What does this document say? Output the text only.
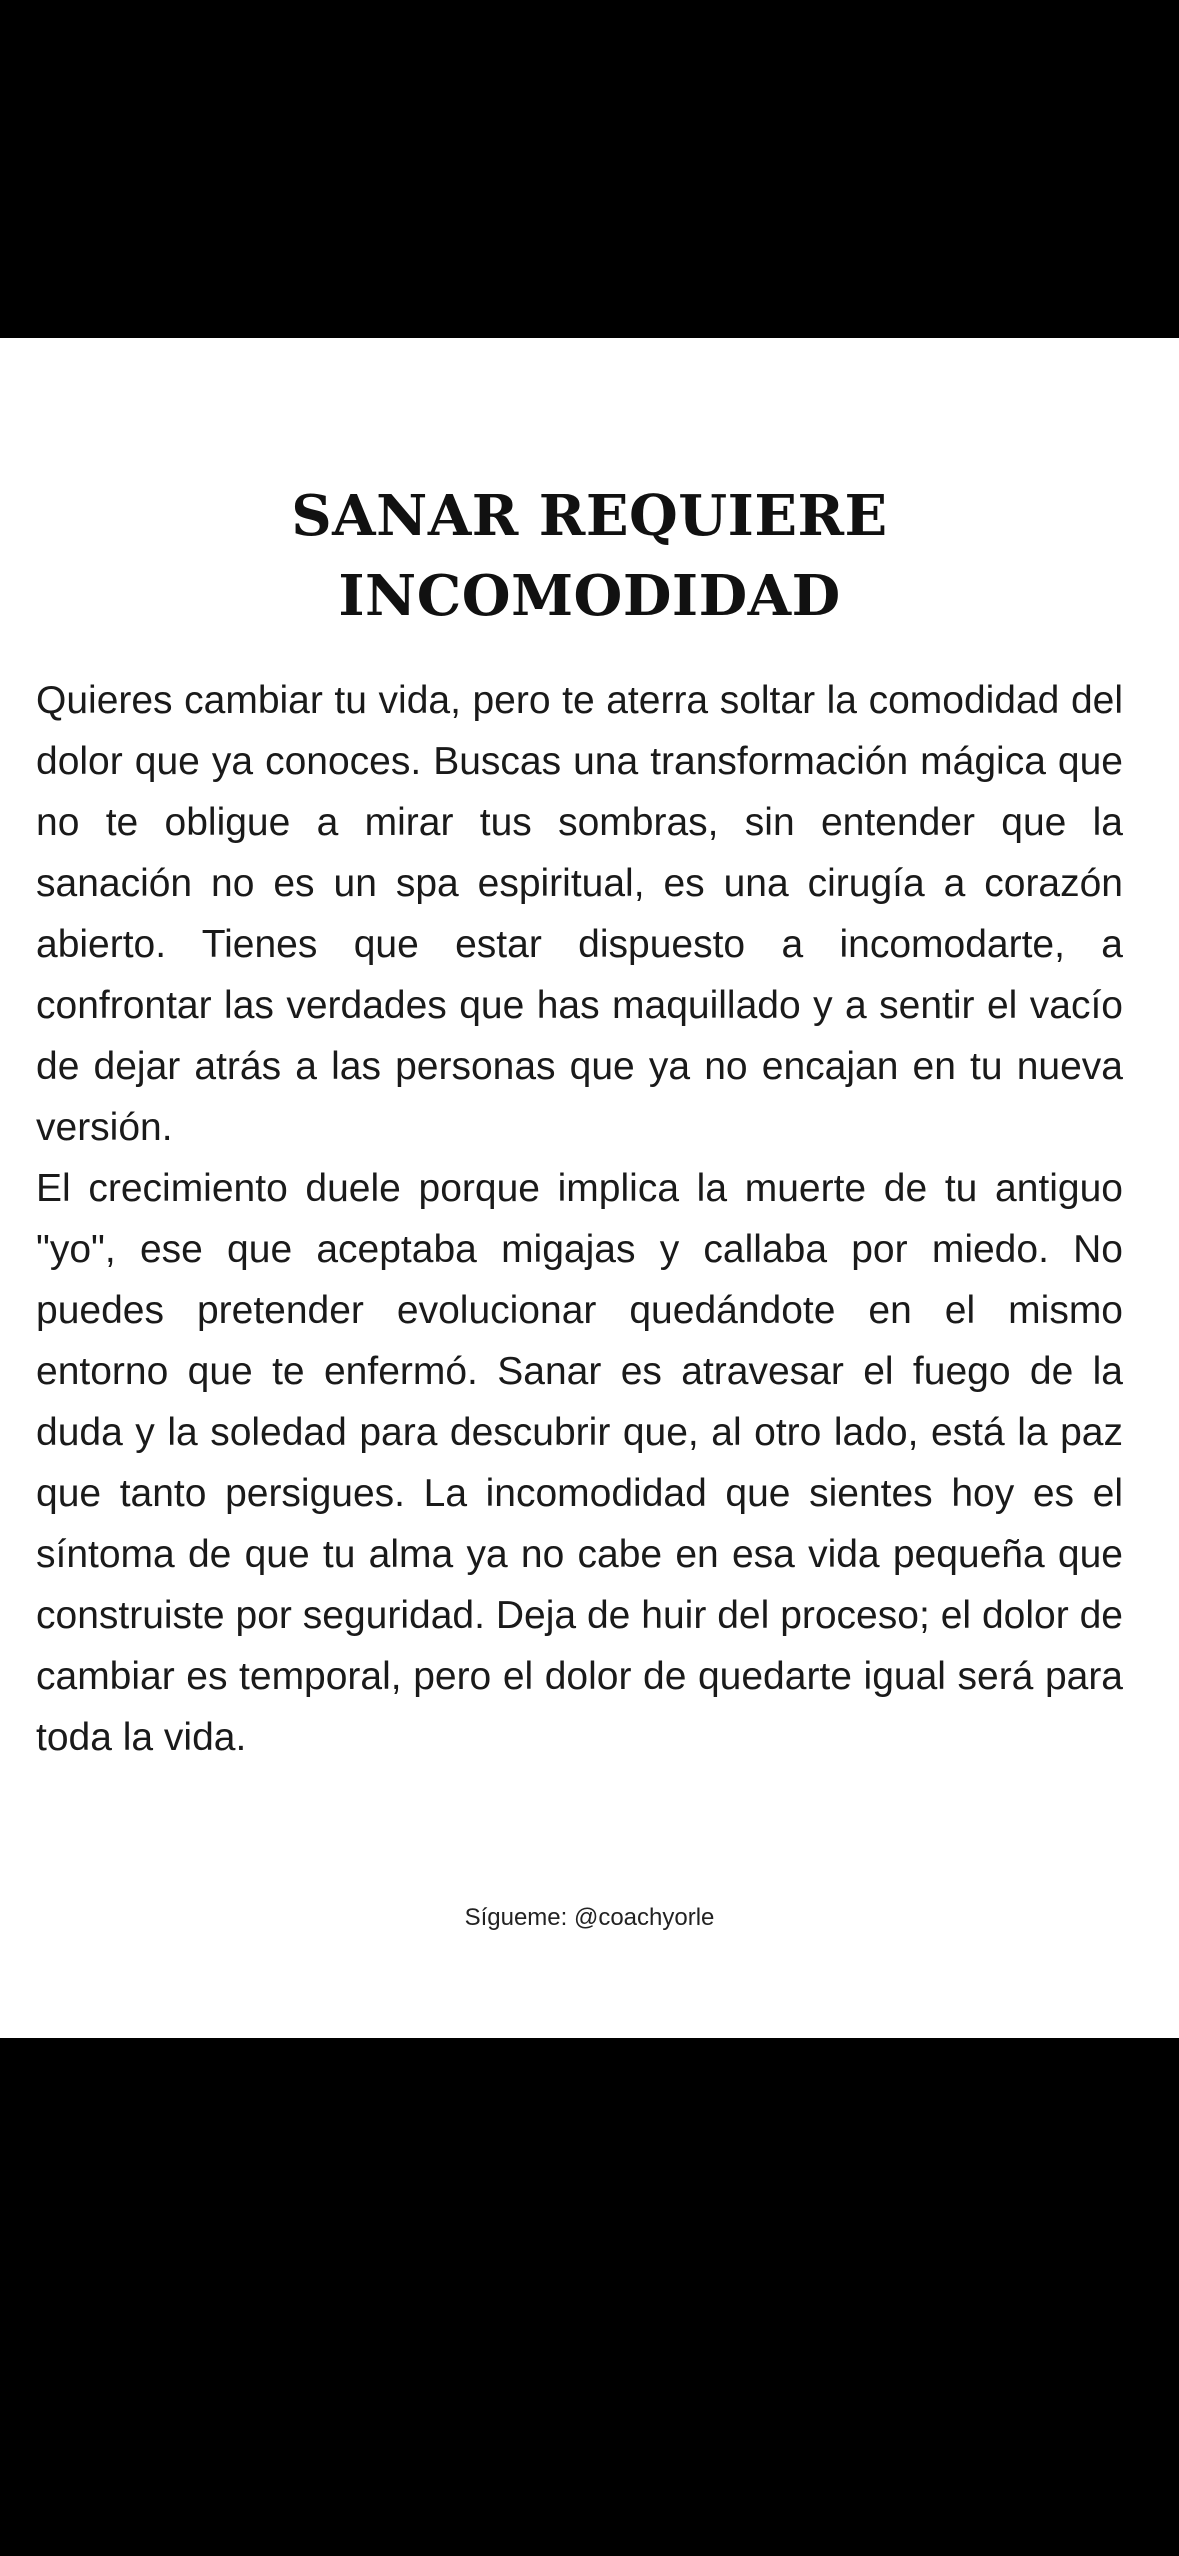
SANAR REQUIERE
INCOMODIDAD

Quieres cambiar tu vida, pero te aterra soltar la comodidad del dolor que ya conoces. Buscas una transformación mágica que no te obligue a mirar tus sombras, sin entender que la sanación no es un spa espiritual, es una cirugía a corazón abierto. Tienes que estar dispuesto a incomodarte, a confrontar las verdades que has maquillado y a sentir el vacío de dejar atrás a las personas que ya no encajan en tu nueva versión.

El crecimiento duele porque implica la muerte de tu antiguo "yo", ese que aceptaba migajas y callaba por miedo. No puedes pretender evolucionar quedándote en el mismo entorno que te enfermó. Sanar es atravesar el fuego de la duda y la soledad para descubrir que, al otro lado, está la paz que tanto persigues. La incomodidad que sientes hoy es el síntoma de que tu alma ya no cabe en esa vida pequeña que construiste por seguridad. Deja de huir del proceso; el dolor de cambiar es temporal, pero el dolor de quedarte igual será para toda la vida.

Sígueme: @coachyorle
